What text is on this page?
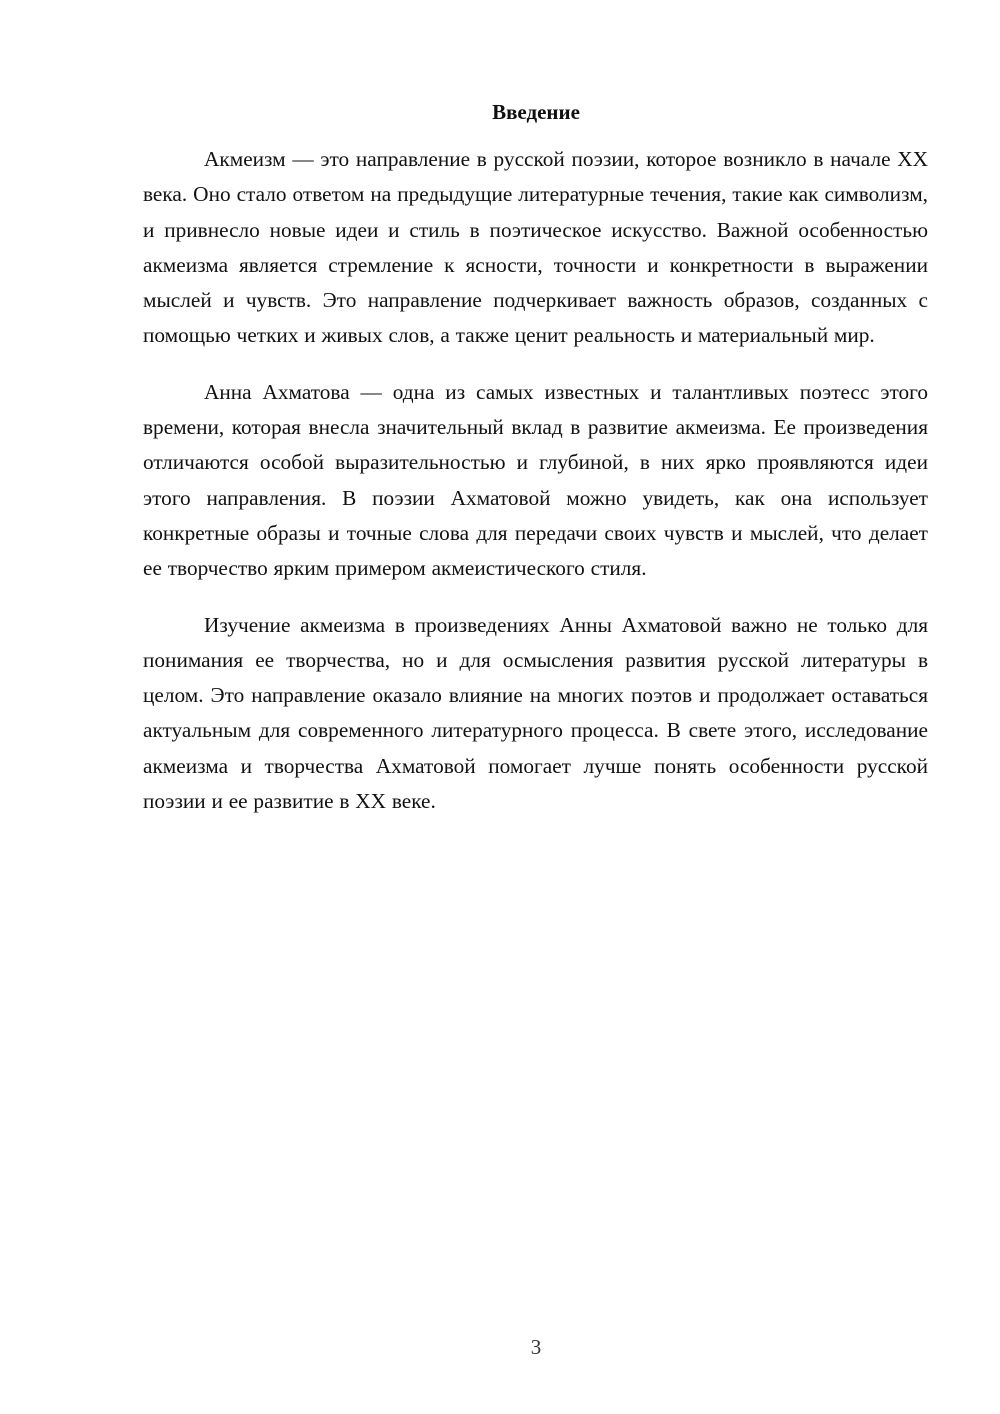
Введение

Акмеизм — это направление в русской поэзии, которое возникло в начале XX века. Оно стало ответом на предыдущие литературные течения, такие как символизм, и привнесло новые идеи и стиль в поэтическое искусство. Важной особенностью акмеизма является стремление к ясности, точности и конкретности в выражении мыслей и чувств. Это направление подчеркивает важность образов, созданных с помощью четких и живых слов, а также ценит реальность и материальный мир.

Анна Ахматова — одна из самых известных и талантливых поэтесс этого времени, которая внесла значительный вклад в развитие акмеизма. Ее произведения отличаются особой выразительностью и глубиной, в них ярко проявляются идеи этого направления. В поэзии Ахматовой можно увидеть, как она использует конкретные образы и точные слова для передачи своих чувств и мыслей, что делает ее творчество ярким примером акмеистического стиля.

Изучение акмеизма в произведениях Анны Ахматовой важно не только для понимания ее творчества, но и для осмысления развития русской литературы в целом. Это направление оказало влияние на многих поэтов и продолжает оставаться актуальным для современного литературного процесса. В свете этого, исследование акмеизма и творчества Ахматовой помогает лучше понять особенности русской поэзии и ее развитие в XX веке.

3
